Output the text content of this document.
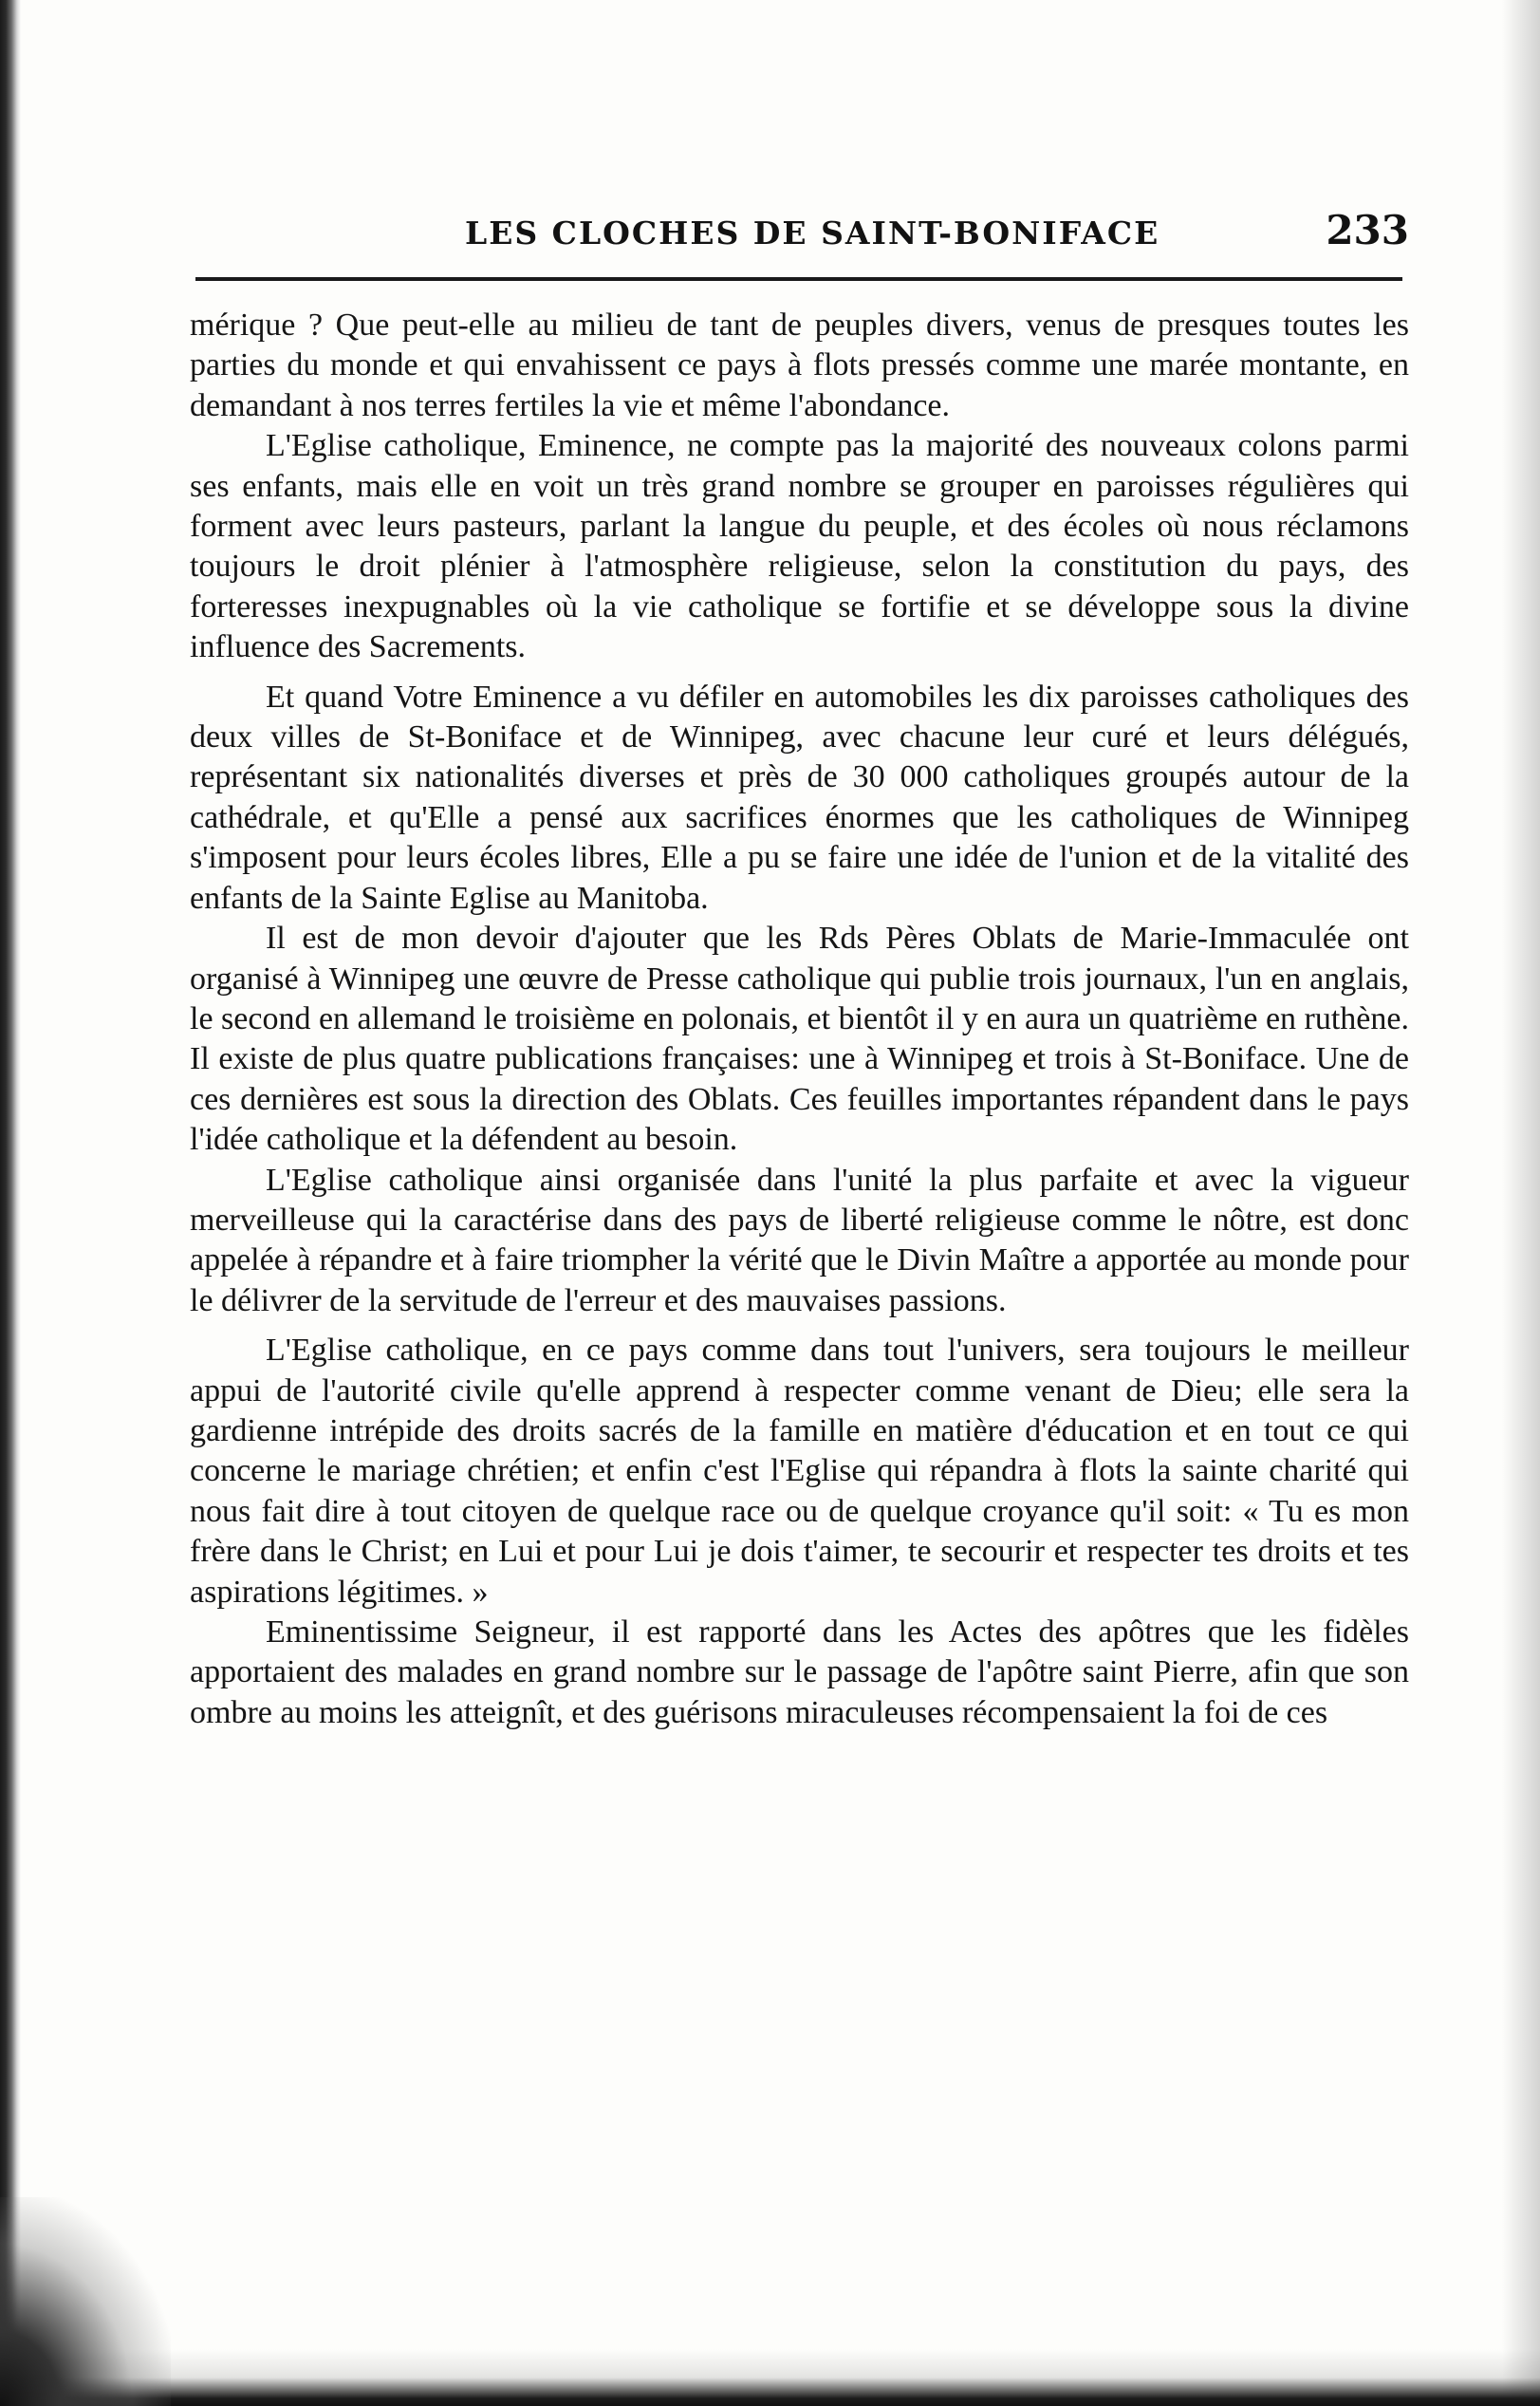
LES CLOCHES DE SAINT-BONIFACE	233

mérique ? Que peut-elle au milieu de tant de peuples divers, venus de presques toutes les parties du monde et qui envahissent ce pays à flots pressés comme une marée montante, en demandant à nos terres fertiles la vie et même l'abondance.

L'Eglise catholique, Eminence, ne compte pas la majorité des nouveaux colons parmi ses enfants, mais elle en voit un très grand nombre se grouper en paroisses régulières qui forment avec leurs pasteurs, parlant la langue du peuple, et des écoles où nous réclamons toujours le droit plénier à l'atmosphère religieuse, selon la constitution du pays, des forteresses inexpugnables où la vie catholique se fortifie et se développe sous la divine influence des Sacrements.

Et quand Votre Eminence a vu défiler en automobiles les dix paroisses catholiques des deux villes de St-Boniface et de Winnipeg, avec chacune leur curé et leurs délégués, représentant six nationalités diverses et près de 30 000 catholiques groupés autour de la cathédrale, et qu'Elle a pensé aux sacrifices énormes que les catholiques de Winnipeg s'imposent pour leurs écoles libres, Elle a pu se faire une idée de l'union et de la vitalité des enfants de la Sainte Eglise au Manitoba.

Il est de mon devoir d'ajouter que les Rds Pères Oblats de Marie-Immaculée ont organisé à Winnipeg une œuvre de Presse catholique qui publie trois journaux, l'un en anglais, le second en allemand le troisième en polonais, et bientôt il y en aura un quatrième en ruthène. Il existe de plus quatre publications françaises: une à Winnipeg et trois à St-Boniface. Une de ces dernières est sous la direction des Oblats. Ces feuilles importantes répandent dans le pays l'idée catholique et la défendent au besoin.

L'Eglise catholique ainsi organisée dans l'unité la plus parfaite et avec la vigueur merveilleuse qui la caractérise dans des pays de liberté religieuse comme le nôtre, est donc appelée à répandre et à faire triompher la vérité que le Divin Maître a apportée au monde pour le délivrer de la servitude de l'erreur et des mauvaises passions.

L'Eglise catholique, en ce pays comme dans tout l'univers, sera toujours le meilleur appui de l'autorité civile qu'elle apprend à respecter comme venant de Dieu; elle sera la gardienne intrépide des droits sacrés de la famille en matière d'éducation et en tout ce qui concerne le mariage chrétien; et enfin c'est l'Eglise qui répandra à flots la sainte charité qui nous fait dire à tout citoyen de quelque race ou de quelque croyance qu'il soit: « Tu es mon frère dans le Christ; en Lui et pour Lui je dois t'aimer, te secourir et respecter tes droits et tes aspirations légitimes. »

Eminentissime Seigneur, il est rapporté dans les Actes des apôtres que les fidèles apportaient des malades en grand nombre sur le passage de l'apôtre saint Pierre, afin que son ombre au moins les atteignît, et des guérisons miraculeuses récompensaient la foi de ces
